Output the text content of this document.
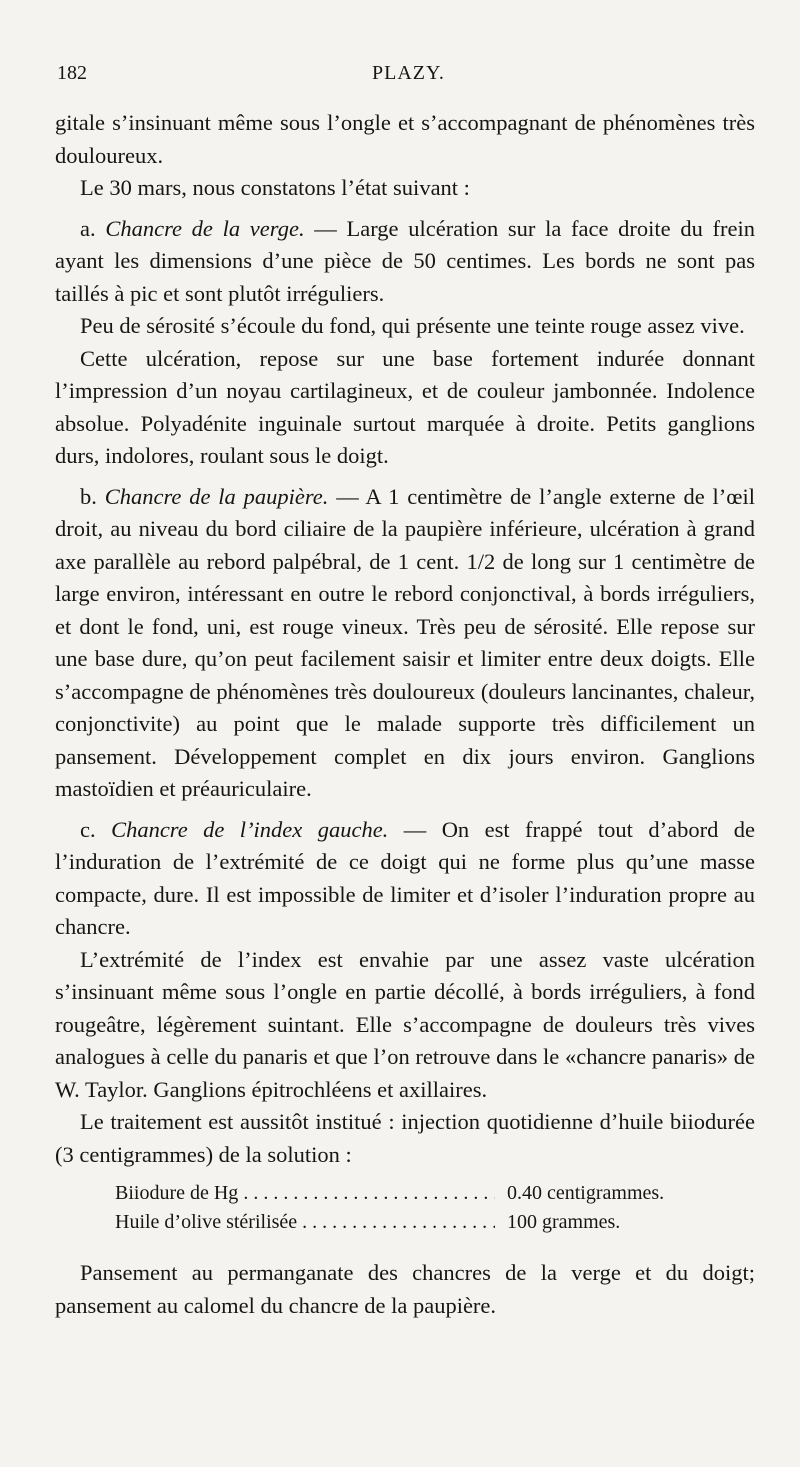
182	PLAZY.

gitale s’insinuant même sous l’ongle et s’accompagnant de phénomènes très douloureux.

Le 30 mars, nous constatons l’état suivant :

a. Chancre de la verge. — Large ulcération sur la face droite du frein ayant les dimensions d’une pièce de 50 centimes. Les bords ne sont pas taillés à pic et sont plutôt irréguliers.

Peu de sérosité s’écoule du fond, qui présente une teinte rouge assez vive.

Cette ulcération, repose sur une base fortement indurée donnant l’impression d’un noyau cartilagineux, et de couleur jambonnée. Indolence absolue. Polyadénite inguinale surtout marquée à droite. Petits ganglions durs, indolores, roulant sous le doigt.

b. Chancre de la paupière. — A 1 centimètre de l’angle externe de l’œil droit, au niveau du bord ciliaire de la paupière inférieure, ulcération à grand axe parallèle au rebord palpébral, de 1 cent. 1/2 de long sur 1 centimètre de large environ, intéressant en outre le rebord conjonctival, à bords irréguliers, et dont le fond, uni, est rouge vineux. Très peu de sérosité. Elle repose sur une base dure, qu’on peut facilement saisir et limiter entre deux doigts. Elle s’accompagne de phénomènes très douloureux (douleurs lancinantes, chaleur, conjonctivite) au point que le malade supporte très difficilement un pansement. Développement complet en dix jours environ. Ganglions mastoïdien et préauriculaire.

c. Chancre de l’index gauche. — On est frappé tout d’abord de l’induration de l’extrémité de ce doigt qui ne forme plus qu’une masse compacte, dure. Il est impossible de limiter et d’isoler l’induration propre au chancre.

L’extrémité de l’index est envahie par une assez vaste ulcération s’insinuant même sous l’ongle en partie décollé, à bords irréguliers, à fond rougeâtre, légèrement suintant. Elle s’accompagne de douleurs très vives analogues à celle du panaris et que l’on retrouve dans le «chancre panaris» de W. Taylor. Ganglions épitrochléens et axillaires.

Le traitement est aussitôt institué : injection quotidienne d’huile biiodurée (3 centigrammes) de la solution :

Biiodure de Hg . . .	0.40 centigrammes.
Huile d’olive stérilisée . . .	100 grammes.

Pansement au permanganate des chancres de la verge et du doigt; pansement au calomel du chancre de la paupière.
